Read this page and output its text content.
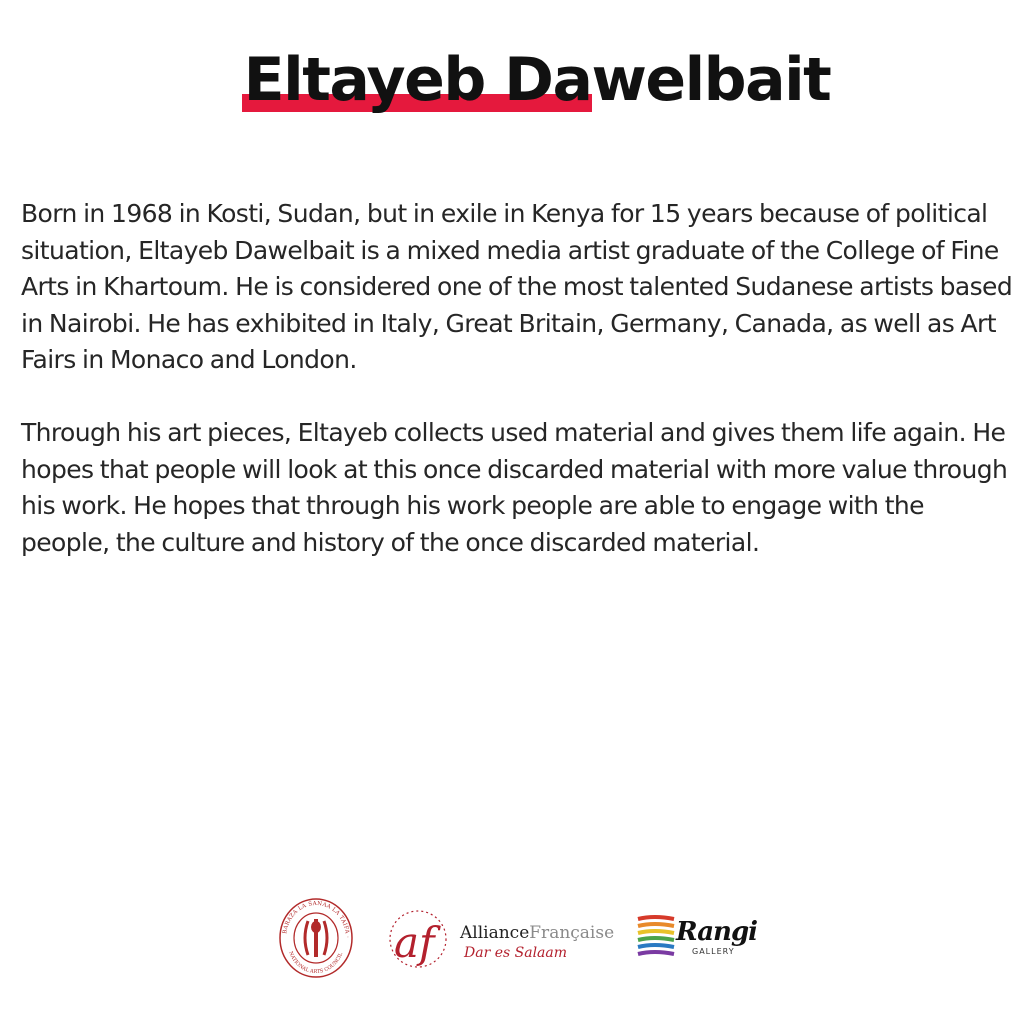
Eltayeb Dawelbait

Born in 1968 in Kosti, Sudan, but in exile in Kenya for 15 years because of political situation, Eltayeb Dawelbait is a mixed media artist graduate of the College of Fine Arts in Khartoum. He is considered one of the most talented Sudanese artists based in Nairobi. He has exhibited in Italy, Great Britain, Germany, Canada, as well as Art Fairs in Monaco and London.

Through his art pieces, Eltayeb collects used material and gives them life again. He hopes that people will look at this once discarded material with more value through his work. He hopes that through his work people are able to engage with the people, the culture and history of the once discarded material.

BARAZA LA SANAA LA TAIFA ·
NATIONAL ARTS COUNCIL af	AllianceFrançaise
Dar es Salaam
Rangi
GALLERY
